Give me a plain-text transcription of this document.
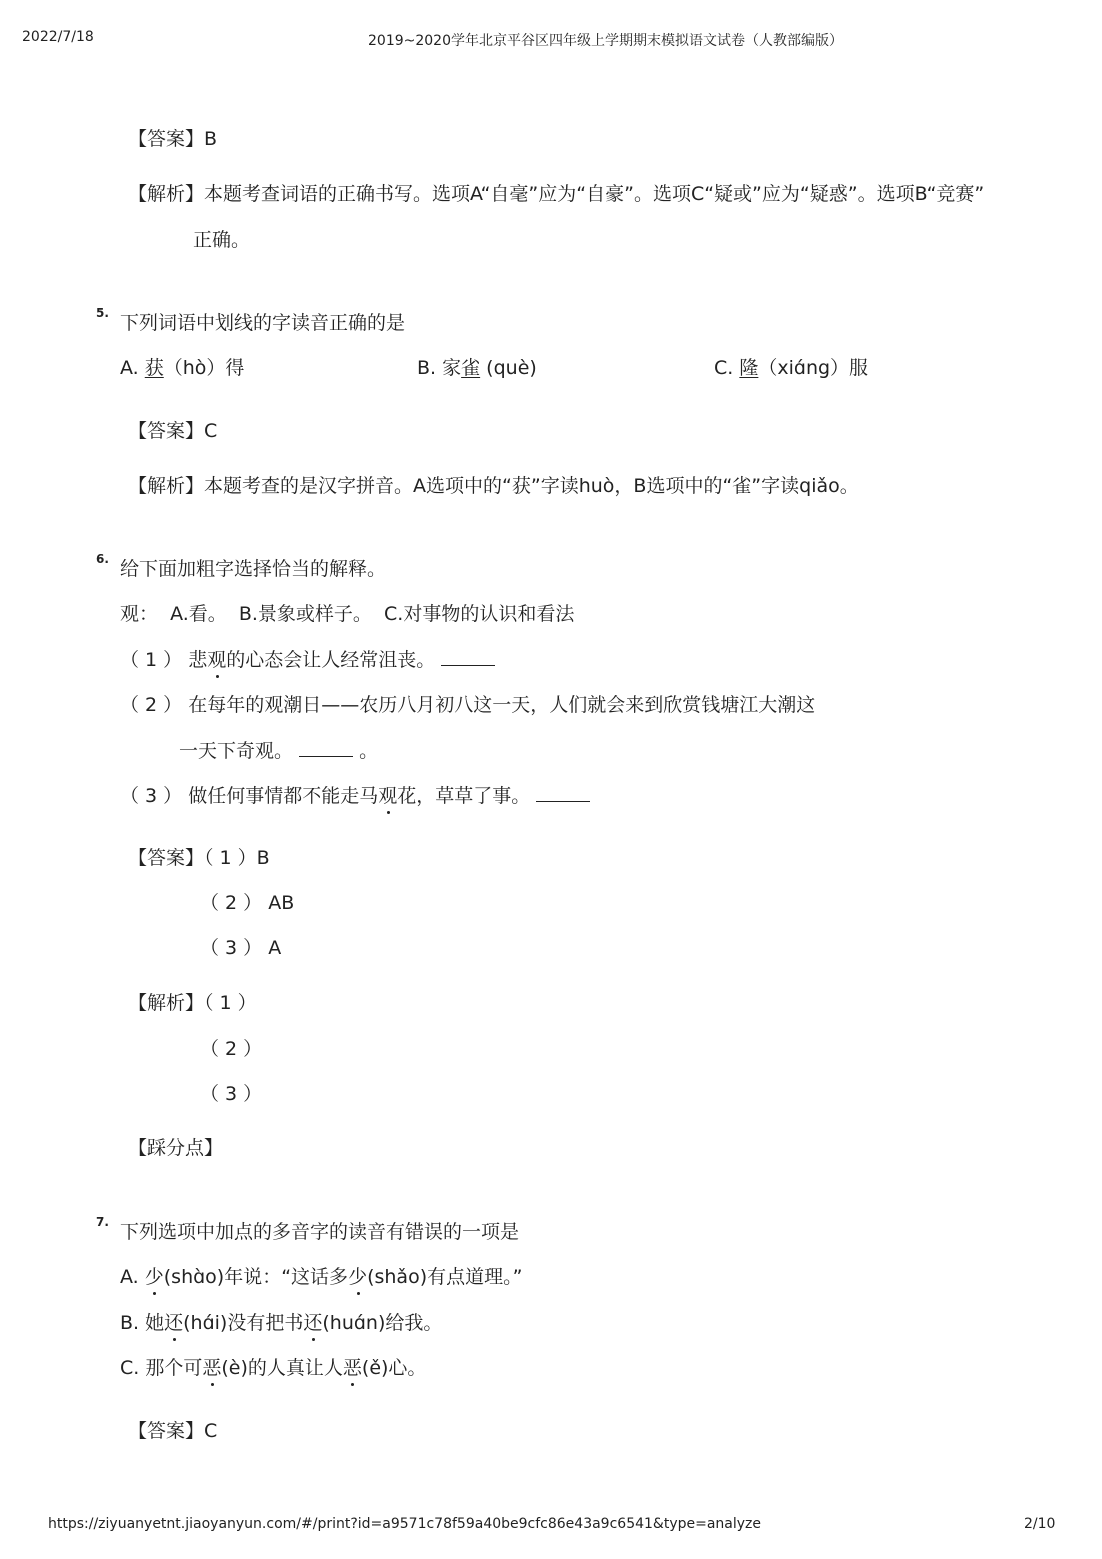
2022/7/18	2019~2020学年北京平谷区四年级上学期期末模拟语文试卷（人教部编版）
【答案】B
【解析】本题考查词语的正确书写。选项A“自毫”应为“自豪”。选项C“疑或”应为“疑惑”。选项B“竞赛”
正确。
5. 下列词语中划线的字读音正确的是
A. 获（hò）得	B. 家雀 (què)	C. 隆（xiɑ́ng）服
【答案】C
【解析】本题考查的是汉字拼音。A选项中的“获”字读huò，B选项中的“雀”字读qiǎo。
6. 给下面加粗字选择恰当的解释。
观：  A.看。  B.景象或样子。  C.对事物的认识和看法
（ 1 ） 悲观的心态会让人经常沮丧。
（ 2 ） 在每年的观潮日——农历八月初八这一天，人们就会来到欣赏钱塘江大潮这
一天下奇观。	。
（ 3 ） 做任何事情都不能走马观花，草草了事。
【答案】（ 1 ）B
（ 2 ） AB
（ 3 ） A
【解析】（ 1 ）
（ 2 ）
（ 3 ）
【踩分点】
7. 下列选项中加点的多音字的读音有错误的一项是
A. 少(shɑ̀o)年说：“这话多少(shǎo)有点道理。”
B. 她还(hɑ́i)没有把书还(huɑ́n)给我。
C. 那个可恶(è)的人真让人恶(ě)心。
【答案】C
https://ziyuanyetnt.jiaoyanyun.com/#/print?id=a9571c78f59a40be9cfc86e43a9c6541&type=analyze	2/10
